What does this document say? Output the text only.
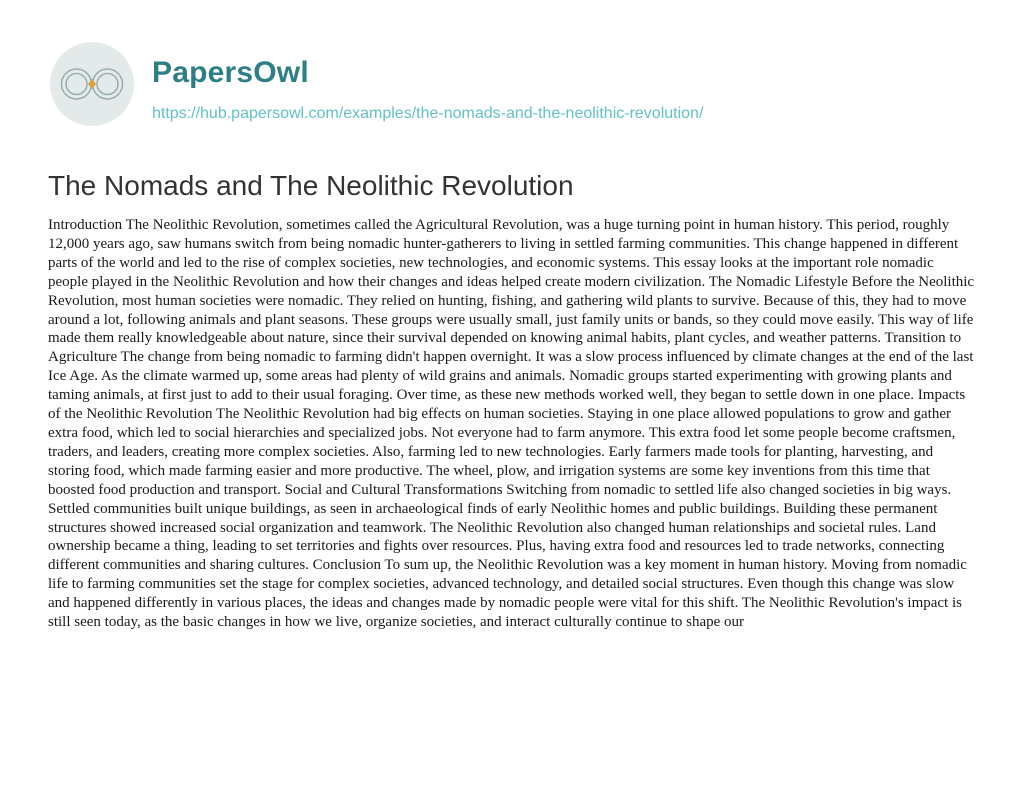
PapersOwl
https://hub.papersowl.com/examples/the-nomads-and-the-neolithic-revolution/
The Nomads and The Neolithic Revolution

Introduction The Neolithic Revolution, sometimes called the Agricultural Revolution, was a huge turning point in human history. This period, roughly 12,000 years ago, saw humans switch from being nomadic hunter-gatherers to living in settled farming communities. This change happened in different parts of the world and led to the rise of complex societies, new technologies, and economic systems. This essay looks at the important role nomadic people played in the Neolithic Revolution and how their changes and ideas helped create modern civilization. The Nomadic Lifestyle Before the Neolithic Revolution, most human societies were nomadic. They relied on hunting, fishing, and gathering wild plants to survive. Because of this, they had to move around a lot, following animals and plant seasons. These groups were usually small, just family units or bands, so they could move easily. This way of life made them really knowledgeable about nature, since their survival depended on knowing animal habits, plant cycles, and weather patterns. Transition to Agriculture The change from being nomadic to farming didn't happen overnight. It was a slow process influenced by climate changes at the end of the last Ice Age. As the climate warmed up, some areas had plenty of wild grains and animals. Nomadic groups started experimenting with growing plants and taming animals, at first just to add to their usual foraging. Over time, as these new methods worked well, they began to settle down in one place. Impacts of the Neolithic Revolution The Neolithic Revolution had big effects on human societies. Staying in one place allowed populations to grow and gather extra food, which led to social hierarchies and specialized jobs. Not everyone had to farm anymore. This extra food let some people become craftsmen, traders, and leaders, creating more complex societies. Also, farming led to new technologies. Early farmers made tools for planting, harvesting, and storing food, which made farming easier and more productive. The wheel, plow, and irrigation systems are some key inventions from this time that boosted food production and transport. Social and Cultural Transformations Switching from nomadic to settled life also changed societies in big ways. Settled communities built unique buildings, as seen in archaeological finds of early Neolithic homes and public buildings. Building these permanent structures showed increased social organization and teamwork. The Neolithic Revolution also changed human relationships and societal rules. Land ownership became a thing, leading to set territories and fights over resources. Plus, having extra food and resources led to trade networks, connecting different communities and sharing cultures. Conclusion To sum up, the Neolithic Revolution was a key moment in human history. Moving from nomadic life to farming communities set the stage for complex societies, advanced technology, and detailed social structures. Even though this change was slow and happened differently in various places, the ideas and changes made by nomadic people were vital for this shift. The Neolithic Revolution's impact is still seen today, as the basic changes in how we live, organize societies, and interact culturally continue to shape our
